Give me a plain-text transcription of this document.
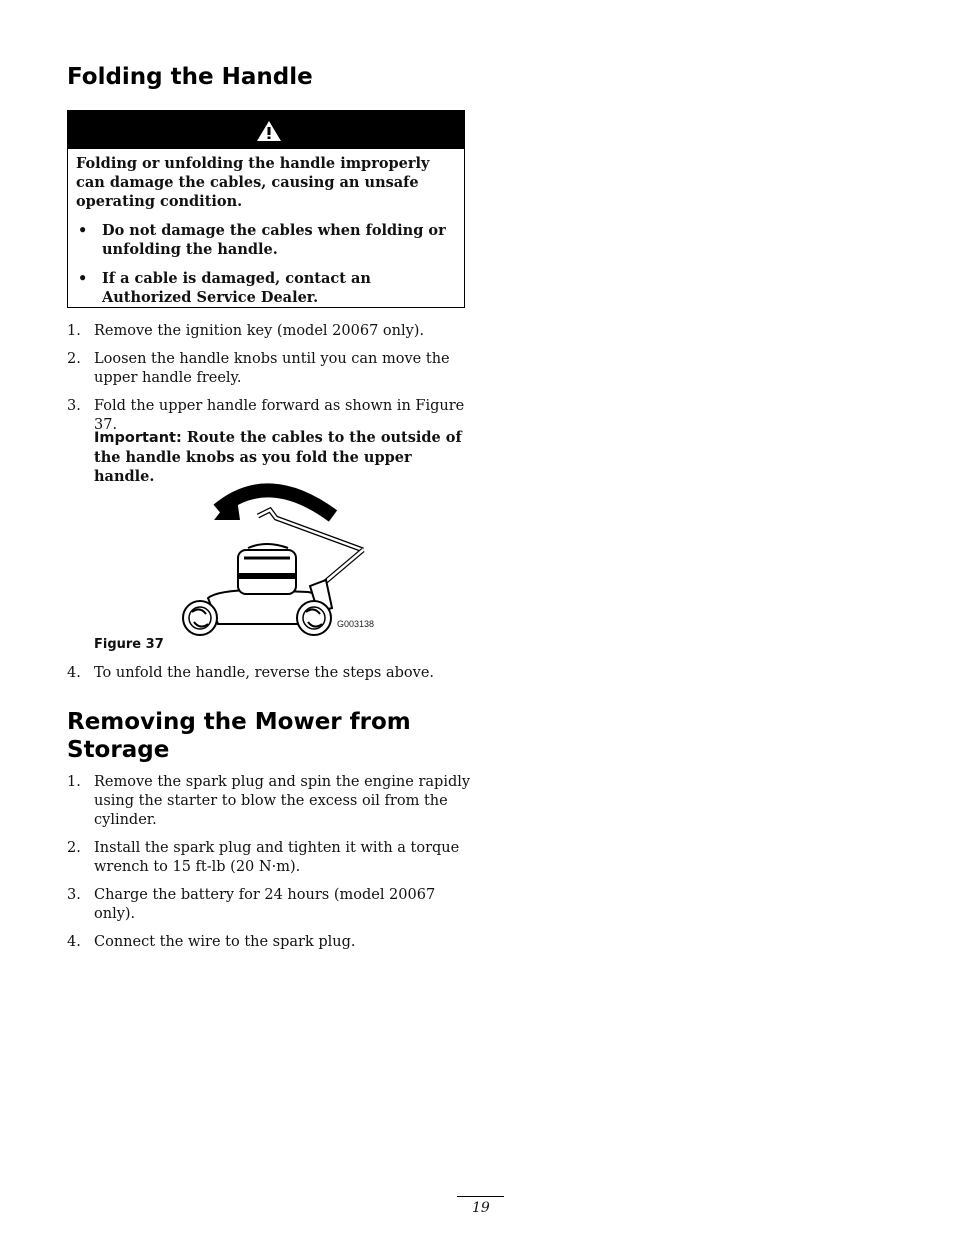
Folding the Handle

Folding or unfolding the handle improperly can damage the cables, causing an unsafe operating condition.

• Do not damage the cables when folding or unfolding the handle.
• If a cable is damaged, contact an Authorized Service Dealer.
1. Remove the ignition key (model 20067 only).
2. Loosen the handle knobs until you can move the upper handle freely.
3. Fold the upper handle forward as shown in Figure 37.
Important: Route the cables to the outside of the handle knobs as you fold the upper handle.
G003138
Figure 37
4. To unfold the handle, reverse the steps above.
Removing the Mower from Storage
1. Remove the spark plug and spin the engine rapidly using the starter to blow the excess oil from the cylinder.
2. Install the spark plug and tighten it with a torque wrench to 15 ft-lb (20 N·m).
3. Charge the battery for 24 hours (model 20067 only).
4. Connect the wire to the spark plug.
19
